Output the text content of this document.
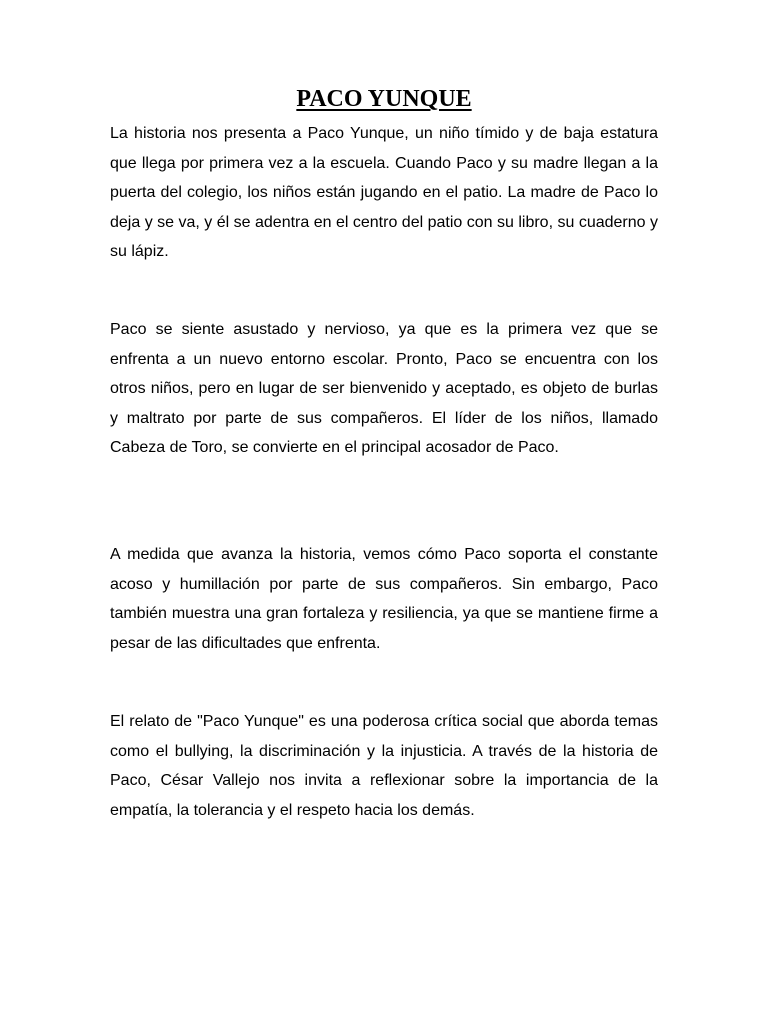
PACO YUNQUE

La historia nos presenta a Paco Yunque, un niño tímido y de baja estatura que llega por primera vez a la escuela. Cuando Paco y su madre llegan a la puerta del colegio, los niños están jugando en el patio. La madre de Paco lo deja y se va, y él se adentra en el centro del patio con su libro, su cuaderno y su lápiz.

Paco se siente asustado y nervioso, ya que es la primera vez que se enfrenta a un nuevo entorno escolar. Pronto, Paco se encuentra con los otros niños, pero en lugar de ser bienvenido y aceptado, es objeto de burlas y maltrato por parte de sus compañeros. El líder de los niños, llamado Cabeza de Toro, se convierte en el principal acosador de Paco.

A medida que avanza la historia, vemos cómo Paco soporta el constante acoso y humillación por parte de sus compañeros. Sin embargo, Paco también muestra una gran fortaleza y resiliencia, ya que se mantiene firme a pesar de las dificultades que enfrenta.

El relato de "Paco Yunque" es una poderosa crítica social que aborda temas como el bullying, la discriminación y la injusticia. A través de la historia de Paco, César Vallejo nos invita a reflexionar sobre la importancia de la empatía, la tolerancia y el respeto hacia los demás.
